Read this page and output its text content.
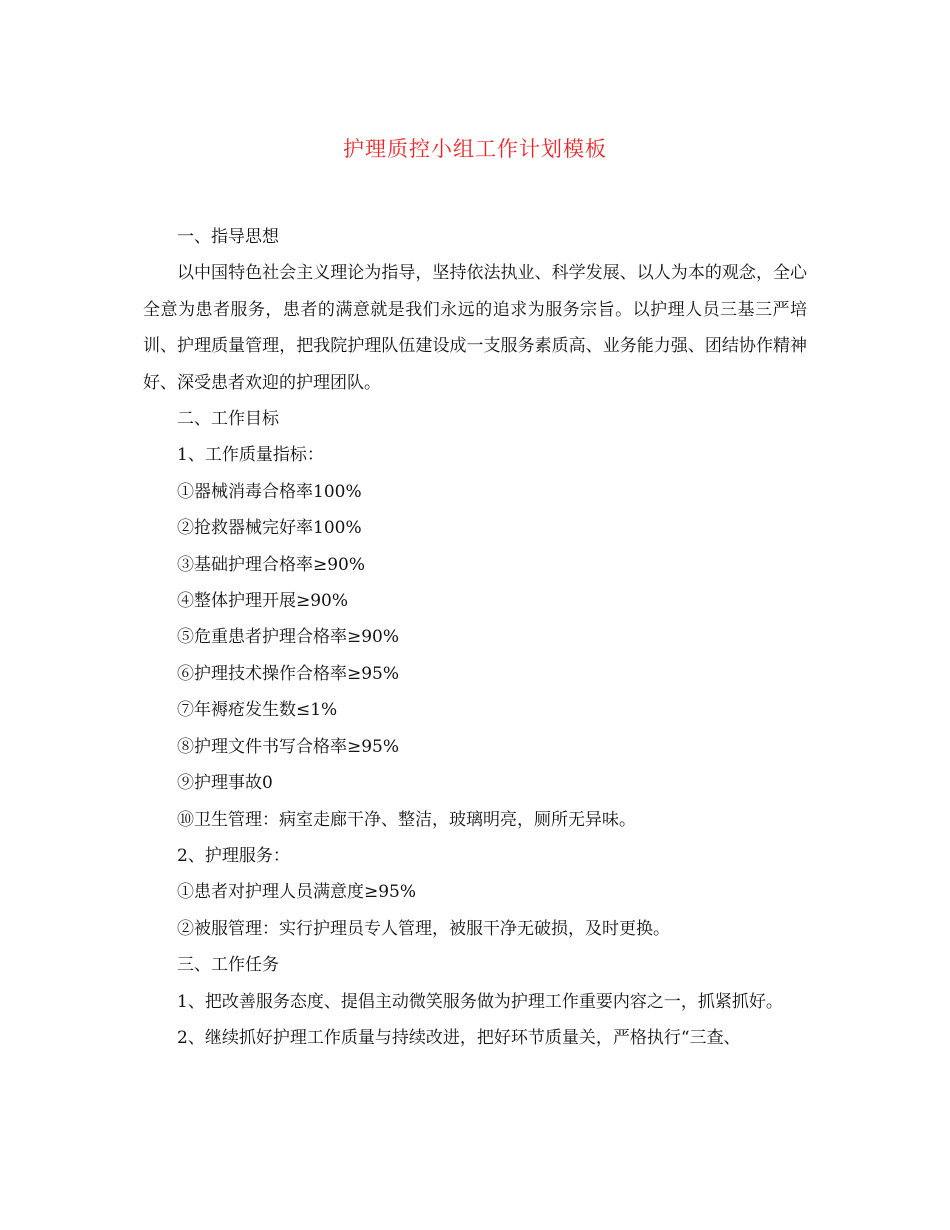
护理质控小组工作计划模板

一、指导思想

以中国特色社会主义理论为指导，坚持依法执业、科学发展、以人为本的观念，全心全意为患者服务，患者的满意就是我们永远的追求为服务宗旨。以护理人员三基三严培训、护理质量管理，把我院护理队伍建设成一支服务素质高、业务能力强、团结协作精神好、深受患者欢迎的护理团队。

二、工作目标

1、工作质量指标：

①器械消毒合格率100%

②抢救器械完好率100%

③基础护理合格率≥90%

④整体护理开展≥90%

⑤危重患者护理合格率≥90%

⑥护理技术操作合格率≥95%

⑦年褥疮发生数≤1%

⑧护理文件书写合格率≥95%

⑨护理事故0

⑩卫生管理：病室走廊干净、整洁，玻璃明亮，厕所无异味。

2、护理服务：

①患者对护理人员满意度≥95%

②被服管理：实行护理员专人管理，被服干净无破损，及时更换。

三、工作任务

1、把改善服务态度、提倡主动微笑服务做为护理工作重要内容之一，抓紧抓好。

2、继续抓好护理工作质量与持续改进，把好环节质量关，严格执行“三查、
